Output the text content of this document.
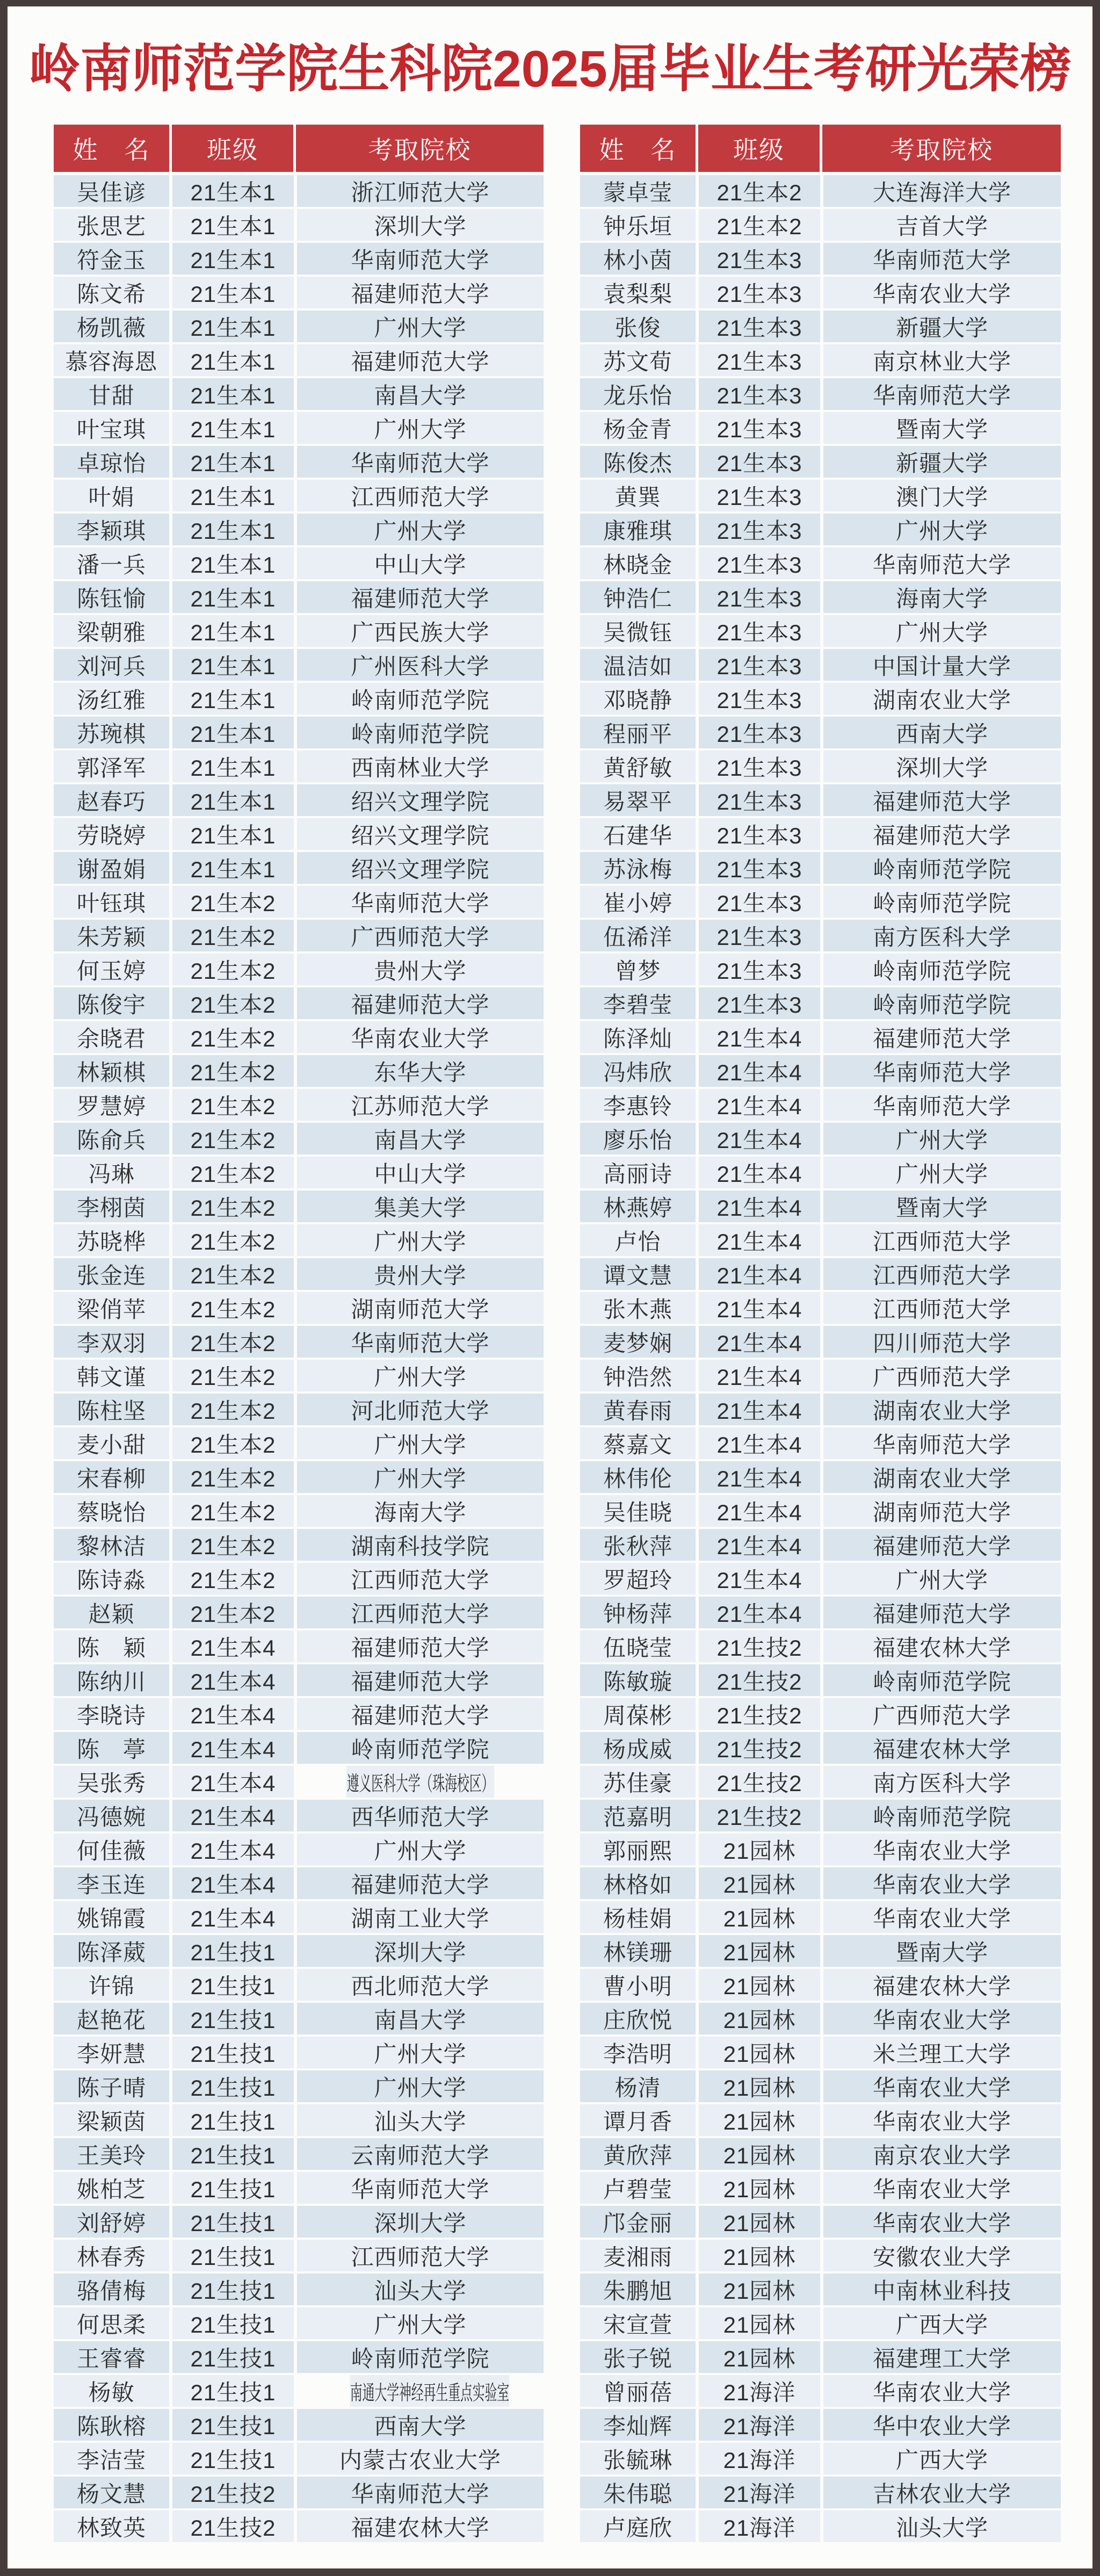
岭南师范学院生科院2025届毕业生考研光荣榜
姓　名	班级	考取院校
吴佳谚	21生本1	浙江师范大学
张思艺	21生本1	深圳大学
符金玉	21生本1	华南师范大学
陈文希	21生本1	福建师范大学
杨凯薇	21生本1	广州大学
慕容海恩	21生本1	福建师范大学
甘甜	21生本1	南昌大学
叶宝琪	21生本1	广州大学
卓琼怡	21生本1	华南师范大学
叶娟	21生本1	江西师范大学
李颖琪	21生本1	广州大学
潘一兵	21生本1	中山大学
陈钰愉	21生本1	福建师范大学
梁朝雅	21生本1	广西民族大学
刘河兵	21生本1	广州医科大学
汤红雅	21生本1	岭南师范学院
苏琬棋	21生本1	岭南师范学院
郭泽军	21生本1	西南林业大学
赵春巧	21生本1	绍兴文理学院
劳晓婷	21生本1	绍兴文理学院
谢盈娟	21生本1	绍兴文理学院
叶钰琪	21生本2	华南师范大学
朱芳颖	21生本2	广西师范大学
何玉婷	21生本2	贵州大学
陈俊宇	21生本2	福建师范大学
余晓君	21生本2	华南农业大学
林颖棋	21生本2	东华大学
罗慧婷	21生本2	江苏师范大学
陈俞兵	21生本2	南昌大学
冯琳	21生本2	中山大学
李栩茵	21生本2	集美大学
苏晓桦	21生本2	广州大学
张金连	21生本2	贵州大学
梁俏苹	21生本2	湖南师范大学
李双羽	21生本2	华南师范大学
韩文谨	21生本2	广州大学
陈柱坚	21生本2	河北师范大学
麦小甜	21生本2	广州大学
宋春柳	21生本2	广州大学
蔡晓怡	21生本2	海南大学
黎林洁	21生本2	湖南科技学院
陈诗淼	21生本2	江西师范大学
赵颖	21生本2	江西师范大学
陈　颖	21生本4	福建师范大学
陈纳川	21生本4	福建师范大学
李晓诗	21生本4	福建师范大学
陈　葶	21生本4	岭南师范学院
吴张秀	21生本4	遵义医科大学（珠海校区）
冯德婉	21生本4	西华师范大学
何佳薇	21生本4	广州大学
李玉连	21生本4	福建师范大学
姚锦霞	21生本4	湖南工业大学
陈泽葳	21生技1	深圳大学
许锦	21生技1	西北师范大学
赵艳花	21生技1	南昌大学
李妍慧	21生技1	广州大学
陈子晴	21生技1	广州大学
梁颖茵	21生技1	汕头大学
王美玲	21生技1	云南师范大学
姚柏芝	21生技1	华南师范大学
刘舒婷	21生技1	深圳大学
林春秀	21生技1	江西师范大学
骆倩梅	21生技1	汕头大学
何思柔	21生技1	广州大学
王睿睿	21生技1	岭南师范学院
杨敏	21生技1	南通大学神经再生重点实验室
陈耿榕	21生技1	西南大学
李洁莹	21生技1	内蒙古农业大学
杨文慧	21生技2	华南师范大学
林致英	21生技2	福建农林大学
姓　名	班级	考取院校
蒙卓莹	21生本2	大连海洋大学
钟乐垣	21生本2	吉首大学
林小茵	21生本3	华南师范大学
袁梨梨	21生本3	华南农业大学
张俊	21生本3	新疆大学
苏文荀	21生本3	南京林业大学
龙乐怡	21生本3	华南师范大学
杨金青	21生本3	暨南大学
陈俊杰	21生本3	新疆大学
黄巽	21生本3	澳门大学
康雅琪	21生本3	广州大学
林晓金	21生本3	华南师范大学
钟浩仁	21生本3	海南大学
吴微钰	21生本3	广州大学
温洁如	21生本3	中国计量大学
邓晓静	21生本3	湖南农业大学
程丽平	21生本3	西南大学
黄舒敏	21生本3	深圳大学
易翠平	21生本3	福建师范大学
石建华	21生本3	福建师范大学
苏泳梅	21生本3	岭南师范学院
崔小婷	21生本3	岭南师范学院
伍浠洋	21生本3	南方医科大学
曾梦	21生本3	岭南师范学院
李碧莹	21生本3	岭南师范学院
陈泽灿	21生本4	福建师范大学
冯炜欣	21生本4	华南师范大学
李惠铃	21生本4	华南师范大学
廖乐怡	21生本4	广州大学
高丽诗	21生本4	广州大学
林燕婷	21生本4	暨南大学
卢怡	21生本4	江西师范大学
谭文慧	21生本4	江西师范大学
张木燕	21生本4	江西师范大学
麦梦娴	21生本4	四川师范大学
钟浩然	21生本4	广西师范大学
黄春雨	21生本4	湖南农业大学
蔡嘉文	21生本4	华南师范大学
林伟伦	21生本4	湖南农业大学
吴佳晓	21生本4	湖南师范大学
张秋萍	21生本4	福建师范大学
罗超玲	21生本4	广州大学
钟杨萍	21生本4	福建师范大学
伍晓莹	21生技2	福建农林大学
陈敏璇	21生技2	岭南师范学院
周葆彬	21生技2	广西师范大学
杨成威	21生技2	福建农林大学
苏佳豪	21生技2	南方医科大学
范嘉明	21生技2	岭南师范学院
郭丽熙	21园林	华南农业大学
林格如	21园林	华南农业大学
杨桂娟	21园林	华南农业大学
林镁珊	21园林	暨南大学
曹小明	21园林	福建农林大学
庄欣悦	21园林	华南农业大学
李浩明	21园林	米兰理工大学
杨清	21园林	华南农业大学
谭月香	21园林	华南农业大学
黄欣萍	21园林	南京农业大学
卢碧莹	21园林	华南农业大学
邝金丽	21园林	华南农业大学
麦湘雨	21园林	安徽农业大学
朱鹏旭	21园林	中南林业科技
宋宣萱	21园林	广西大学
张子锐	21园林	福建理工大学
曾丽蓓	21海洋	华南农业大学
李灿辉	21海洋	华中农业大学
张毓琳	21海洋	广西大学
朱伟聪	21海洋	吉林农业大学
卢庭欣	21海洋	汕头大学
